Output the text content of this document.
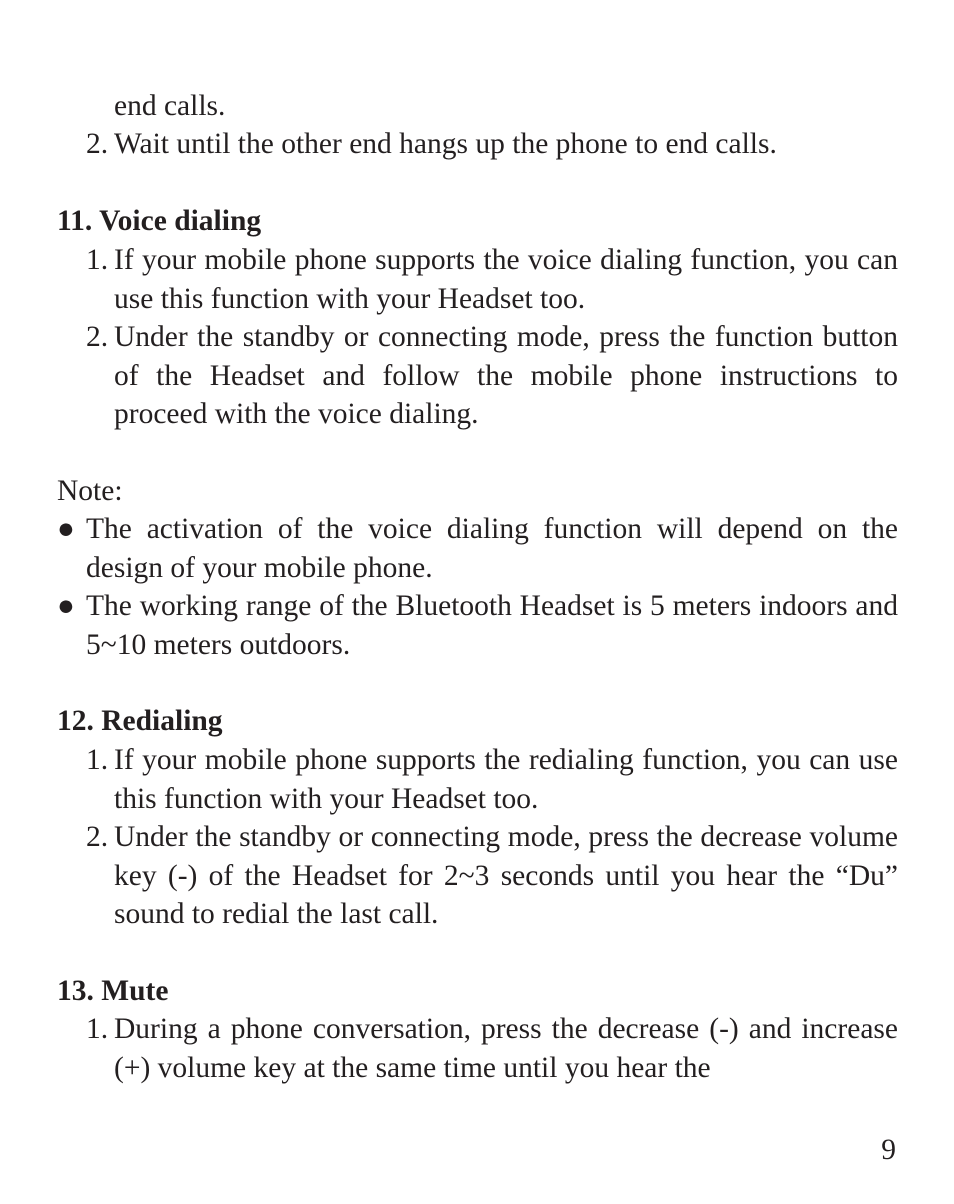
end calls.
2. Wait until the other end hangs up the phone to end calls.
11. Voice dialing
1. If your mobile phone supports the voice dialing function, you can use this function with your Headset too.
2. Under the standby or connecting mode, press the function button of the Headset and follow the mobile phone instructions to proceed with the voice dialing.
Note:
● The activation of the voice dialing function will depend on the design of your mobile phone.
● The working range of the Bluetooth Headset is 5 meters indoors and 5~10 meters outdoors.
12. Redialing
1. If your mobile phone supports the redialing function, you can use this function with your Headset too.
2. Under the standby or connecting mode, press the decrease volume key (-) of the Headset for 2~3 seconds until you hear the “Du” sound to redial the last call.
13. Mute
1. During a phone conversation, press the decrease (-) and increase (+) volume key at the same time until you hear the
9
